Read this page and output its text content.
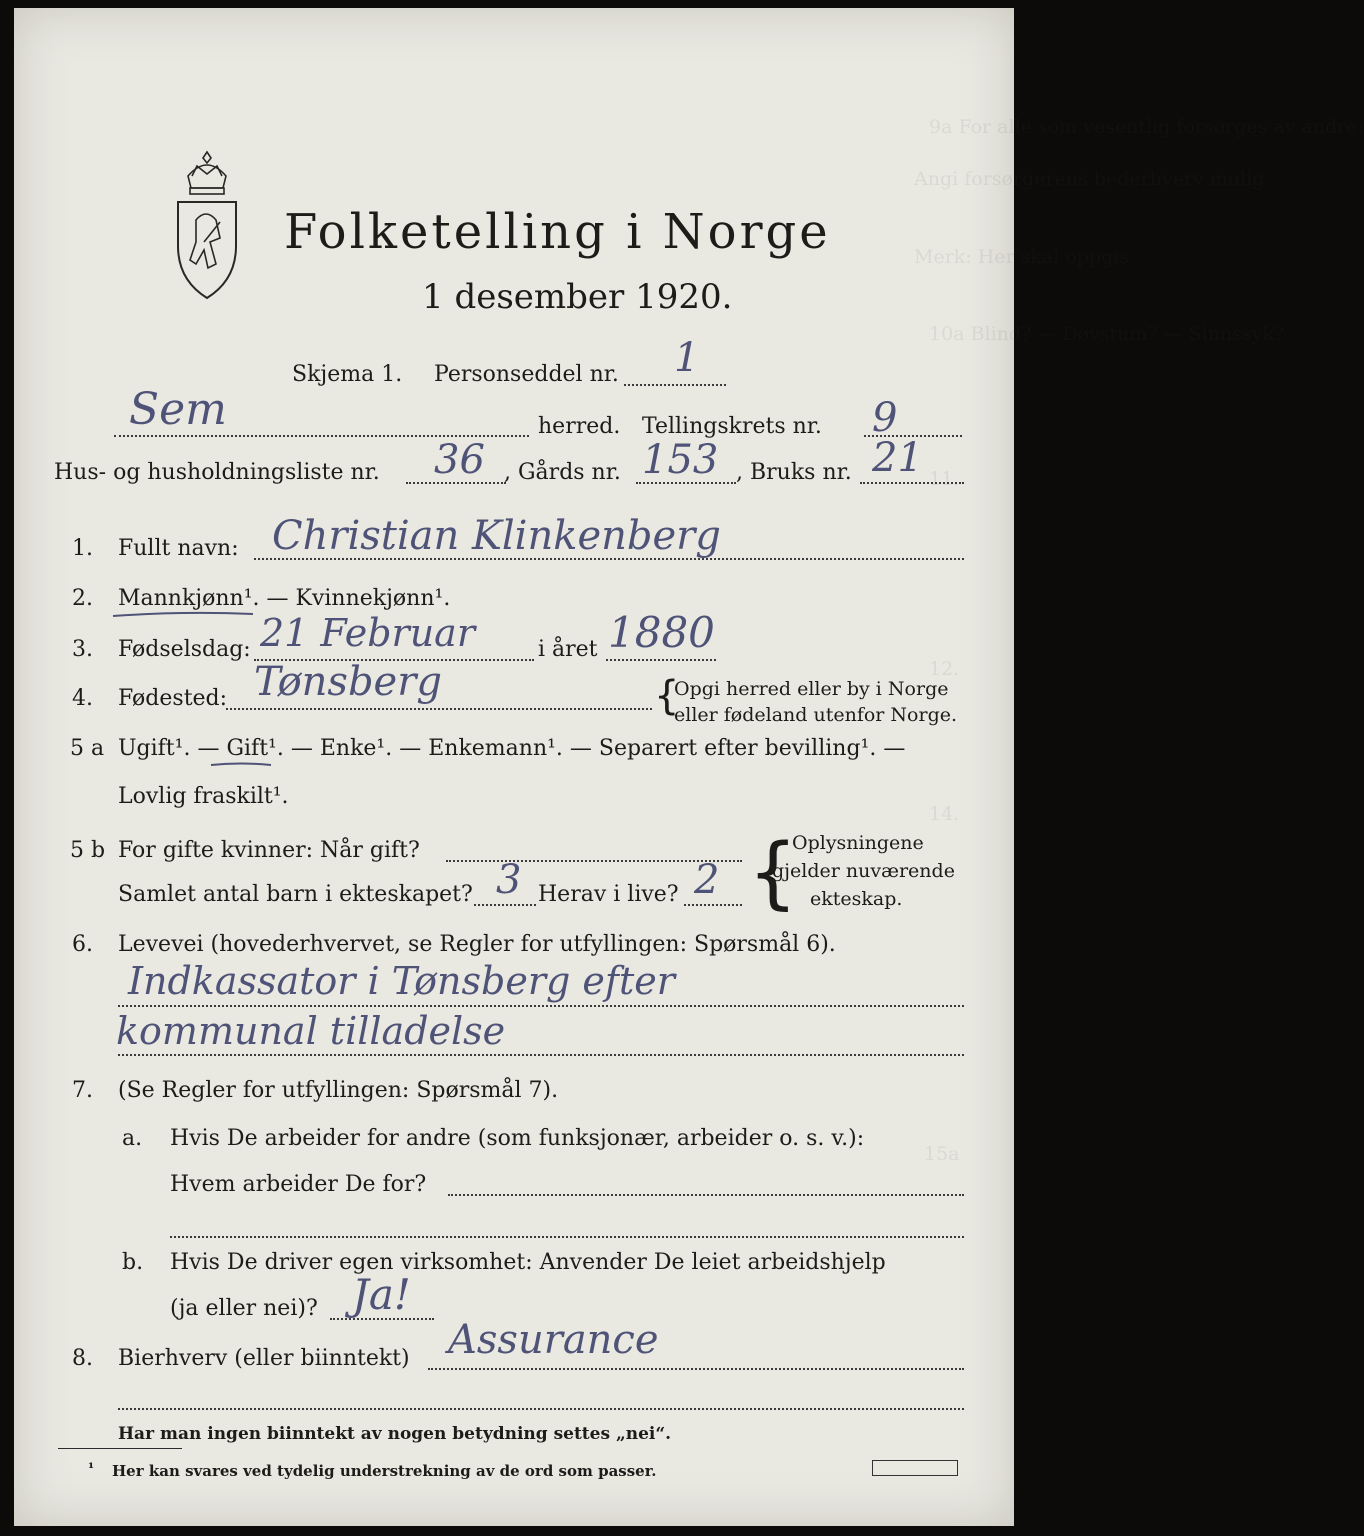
9a For alle som vesentlig forsørges av andre:
Angi forsørgerens bederhverv mulig
Merk: Her skal oppgis
10a Blind? — Døvstum? — Sinnssyk?
11.
12.
14.
15a
Folketelling i Norge
1 desember 1920.
Skjema 1. Personseddel nr. 1
Sem	herred. Tellingskrets nr. 9
Hus- og husholdningsliste nr. 36 , Gårds nr. 153 , Bruks nr. 21
1. Fullt navn: Christian Klinkenberg
2. Mannkjønn¹. — Kvinnekjønn¹.
3. Fødselsdag: 21 Februar	i året 1880
4. Fødested: Tønsberg	{
Opgi herred eller by i Norge
eller fødeland utenfor Norge.
5 a Ugift¹. — Gift¹. — Enke¹. — Enkemann¹. — Separert efter bevilling¹. —
Lovlig fraskilt¹.
5 b For gifte kvinner: Når gift?
Samlet antal barn i ekteskapet? 3 Herav i live? 2 {
Oplysningene
gjelder nuværende
ekteskap.
6. Levevei (hovederhvervet, se Regler for utfyllingen: Spørsmål 6).
Indkassator i Tønsberg efter
kommunal tilladelse
7. (Se Regler for utfyllingen: Spørsmål 7).
a. Hvis De arbeider for andre (som funksjonær, arbeider o. s. v.):
Hvem arbeider De for?
b. Hvis De driver egen virksomhet: Anvender De leiet arbeidshjelp
(ja eller nei)? Ja!
8. Bierhverv (eller biinntekt) Assurance
Har man ingen biinntekt av nogen betydning settes „nei“.
¹ Her kan svares ved tydelig understrekning av de ord som passer.
